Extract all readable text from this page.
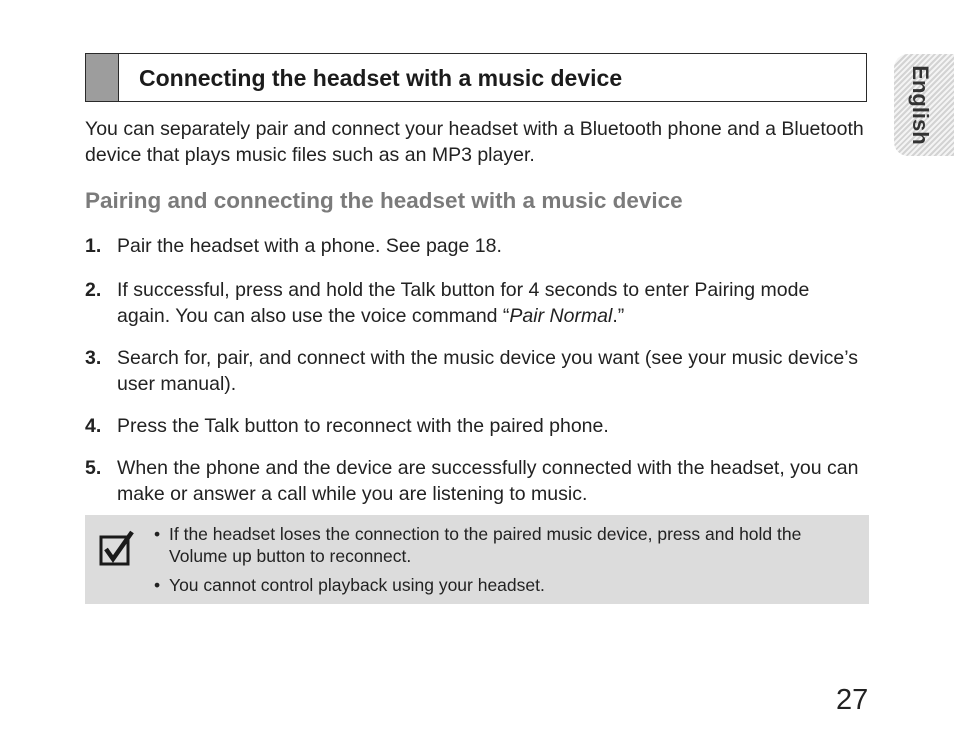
Connecting the headset with a music device	English

You can separately pair and connect your headset with a Bluetooth phone and a Bluetooth device that plays music files such as an MP3 player.

Pairing and connecting the headset with a music device
1. Pair the headset with a phone. See page 18.
2. If successful, press and hold the Talk button for 4 seconds to enter Pairing mode again. You can also use the voice command “Pair Normal.”
3. Search for, pair, and connect with the music device you want (see your music device’s user manual).
4. Press the Talk button to reconnect with the paired phone.
5. When the phone and the device are successfully connected with the headset, you can make or answer a call while you are listening to music.
• If the headset loses the connection to the paired music device, press and hold the Volume up button to reconnect.
• You cannot control playback using your headset.
27
